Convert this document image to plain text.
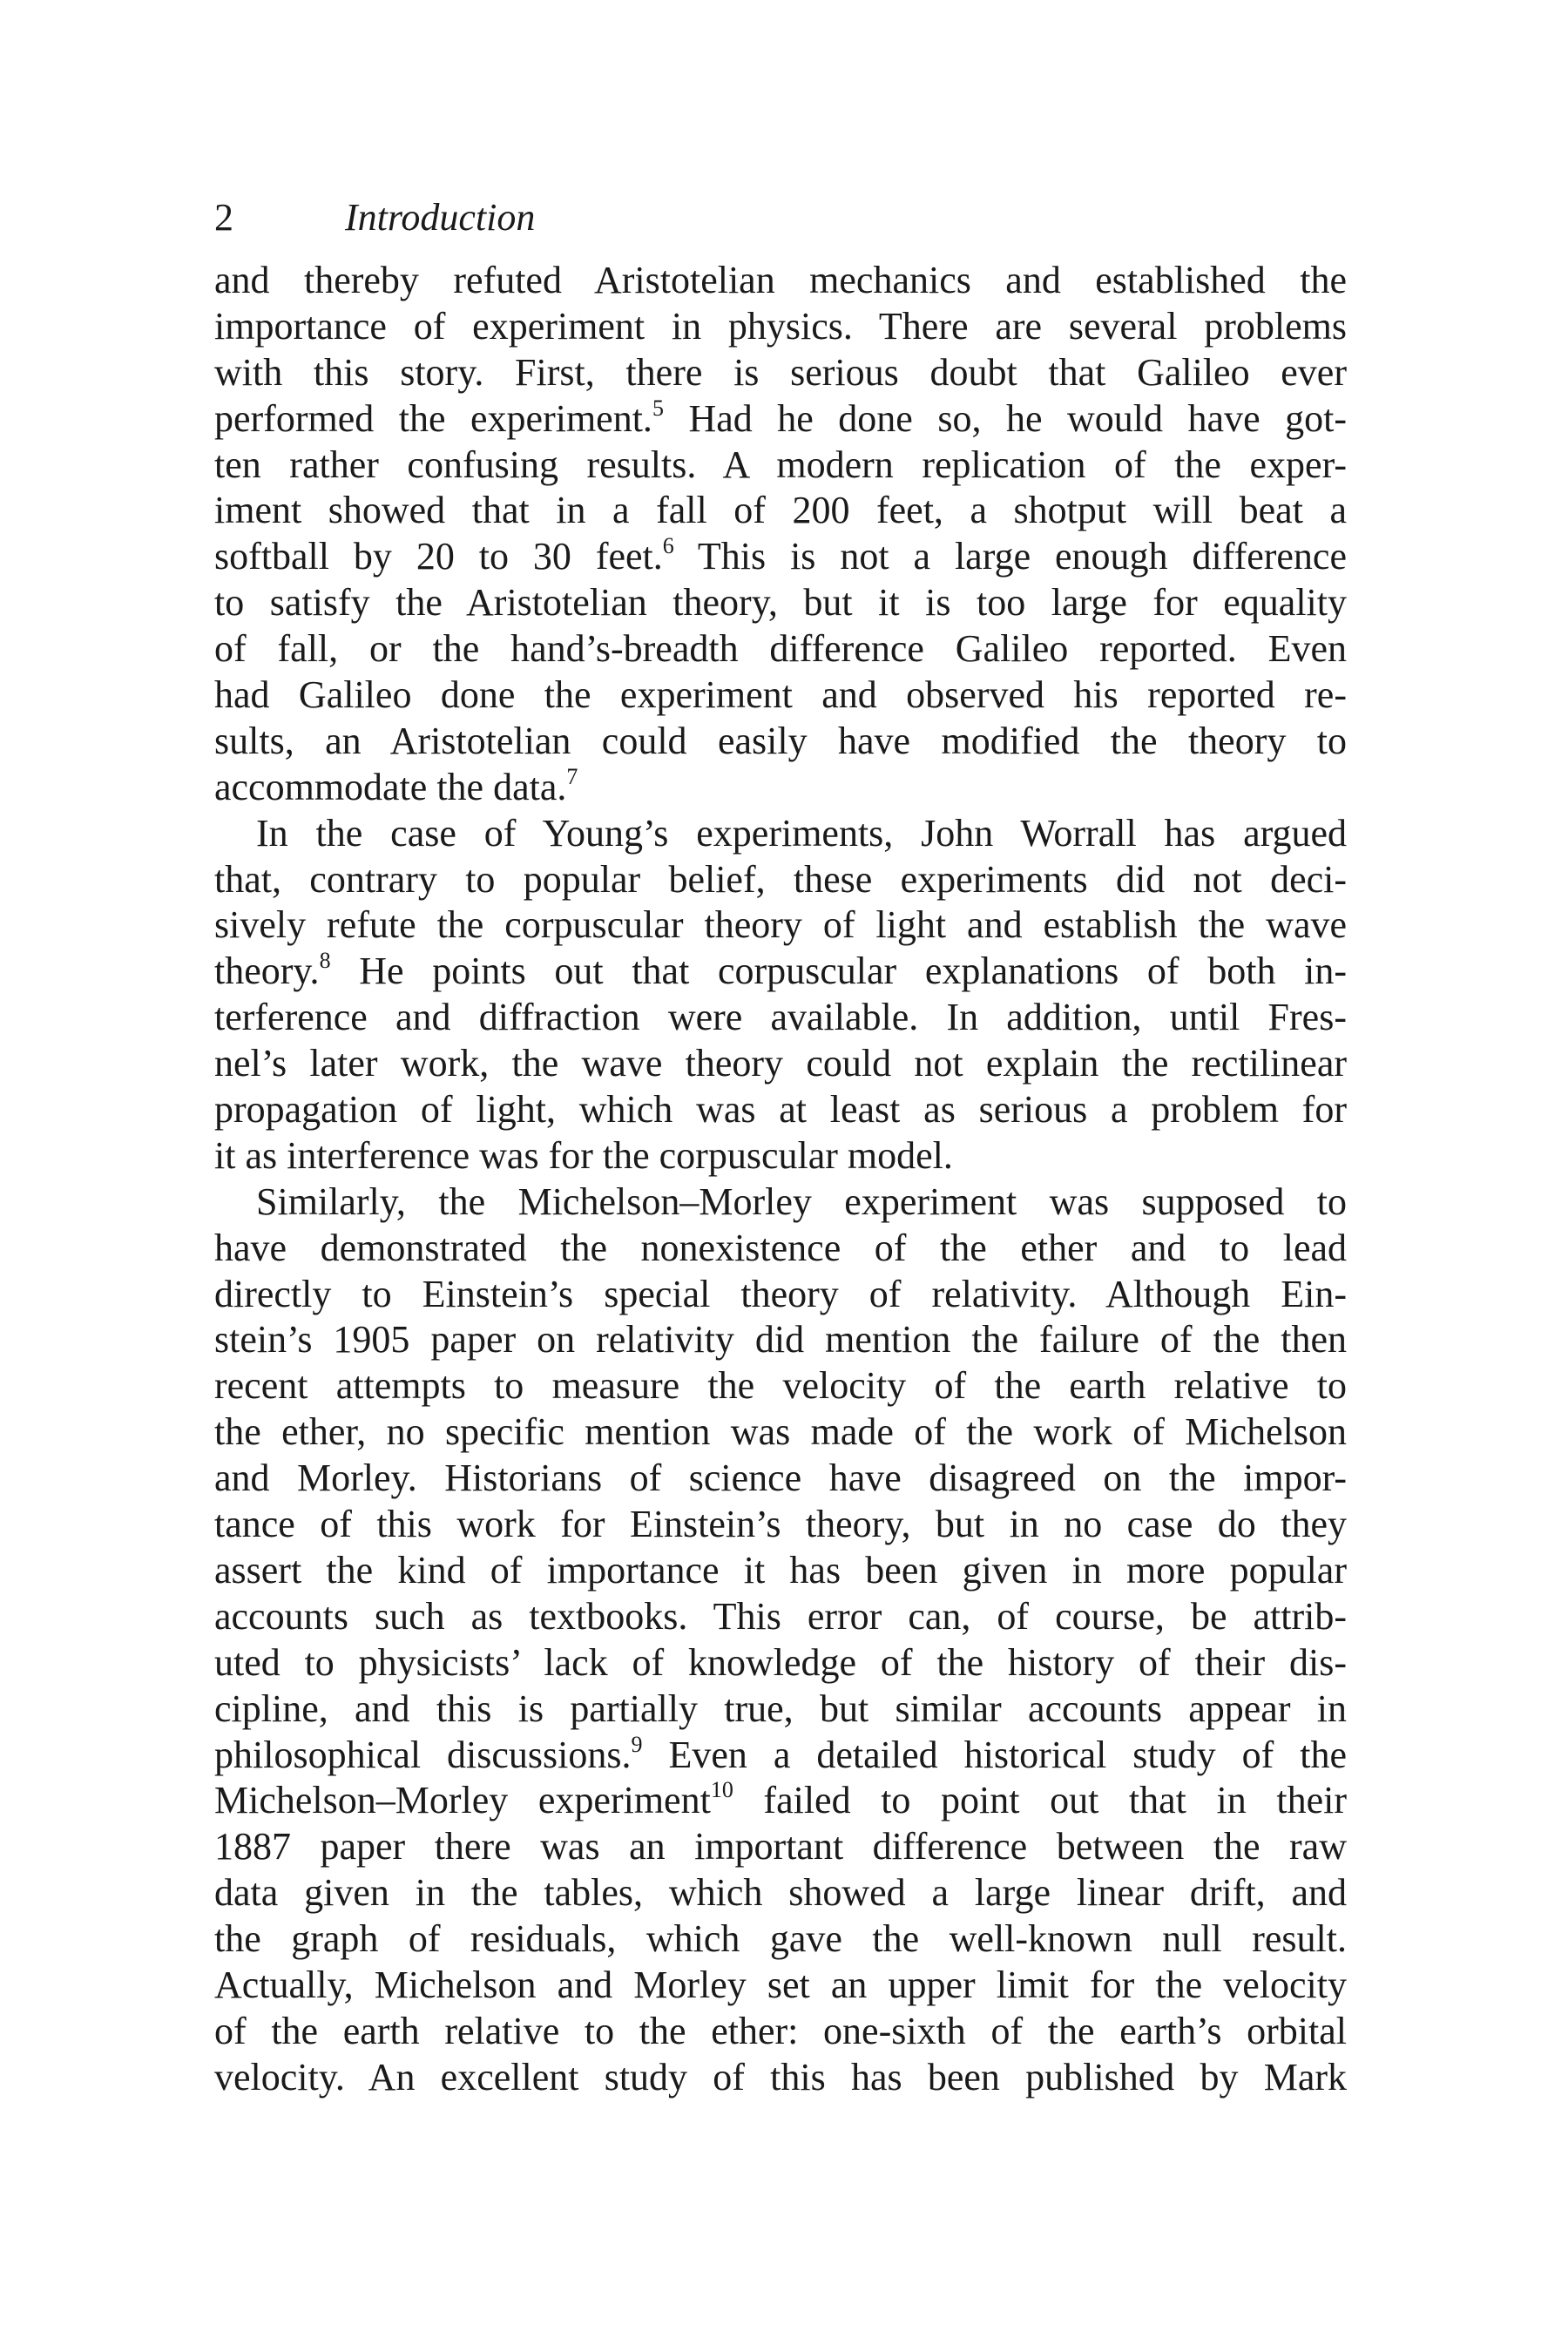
2	Introduction
and thereby refuted Aristotelian mechanics and established the
importance of experiment in physics. There are several problems
with this story. First, there is serious doubt that Galileo ever
performed the experiment.$^5$ Had he done so, he would have got-
ten rather confusing results. A modern replication of the exper-
iment showed that in a fall of 200 feet, a shotput will beat a
softball by 20 to 30 feet.$^6$ This is not a large enough difference
to satisfy the Aristotelian theory, but it is too large for equality
of fall, or the hand’s-breadth difference Galileo reported. Even
had Galileo done the experiment and observed his reported re-
sults, an Aristotelian could easily have modified the theory to
accommodate the data.$^7$
In the case of Young’s experiments, John Worrall has argued
that, contrary to popular belief, these experiments did not deci-
sively refute the corpuscular theory of light and establish the wave
theory.$^8$ He points out that corpuscular explanations of both in-
terference and diffraction were available. In addition, until Fres-
nel’s later work, the wave theory could not explain the rectilinear
propagation of light, which was at least as serious a problem for
it as interference was for the corpuscular model.
Similarly, the Michelson–Morley experiment was supposed to
have demonstrated the nonexistence of the ether and to lead
directly to Einstein’s special theory of relativity. Although Ein-
stein’s 1905 paper on relativity did mention the failure of the then
recent attempts to measure the velocity of the earth relative to
the ether, no specific mention was made of the work of Michelson
and Morley. Historians of science have disagreed on the impor-
tance of this work for Einstein’s theory, but in no case do they
assert the kind of importance it has been given in more popular
accounts such as textbooks. This error can, of course, be attrib-
uted to physicists’ lack of knowledge of the history of their dis-
cipline, and this is partially true, but similar accounts appear in
philosophical discussions.$^9$ Even a detailed historical study of the
Michelson–Morley experiment$^{10}$ failed to point out that in their
1887 paper there was an important difference between the raw
data given in the tables, which showed a large linear drift, and
the graph of residuals, which gave the well-known null result.
Actually, Michelson and Morley set an upper limit for the velocity
of the earth relative to the ether: one-sixth of the earth’s orbital
velocity. An excellent study of this has been published by Mark
